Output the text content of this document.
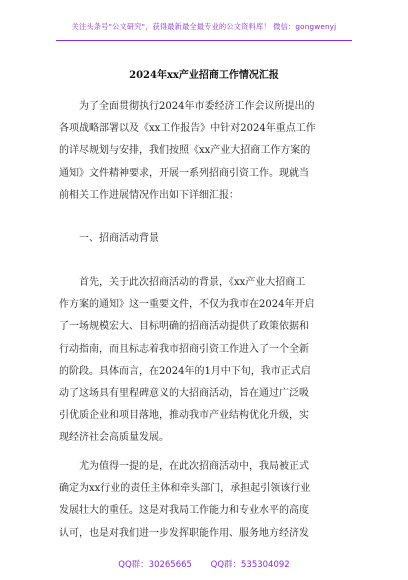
关注头条号"公文研究"，获得最新最全最专业的公文资料库！ 微信：gongwenyj
2024年xx产业招商工作情况汇报
为了全面贯彻执行2024年市委经济工作会议所提出的
各项战略部署以及《xx工作报告》中针对2024年重点工作
的详尽规划与安排，我们按照《xx产业大招商工作方案的
通知》文件精神要求，开展一系列招商引资工作。现就当
前相关工作进展情况作出如下详细汇报：
一、招商活动背景
首先，关于此次招商活动的背景，《xx产业大招商工
作方案的通知》这一重要文件，不仅为我市在2024年开启
了一场规模宏大、目标明确的招商活动提供了政策依据和
行动指南，而且标志着我市招商引资工作进入了一个全新
的阶段。具体而言，在2024年的1月中下旬，我市正式启
动了这场具有里程碑意义的大招商活动，旨在通过广泛吸
引优质企业和项目落地，推动我市产业结构优化升级，实
现经济社会高质量发展。
尤为值得一提的是，在此次招商活动中，我局被正式
确定为xx行业的责任主体和牵头部门，承担起引领该行业
发展壮大的重任。这是对我局工作能力和专业水平的高度
认可，也是对我们进一步发挥职能作用、服务地方经济发
QQ群：30265665 QQ群：535304092
